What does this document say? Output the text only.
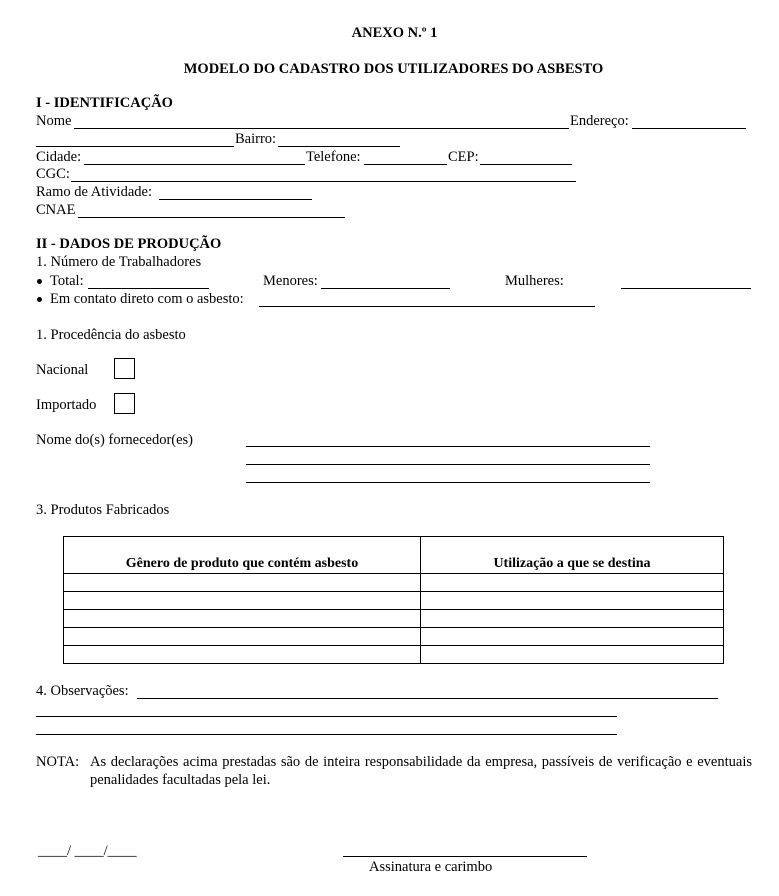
ANEXO N.º 1
MODELO DO CADASTRO DOS UTILIZADORES DO ASBESTO
I - IDENTIFICAÇÃO
Nome	Endereço:
Bairro:
Cidade:	Telefone:	CEP:
CGC:
Ramo de Atividade:
CNAE
II - DADOS DE PRODUÇÃO
1. Número de Trabalhadores
Total:	Menores:	Mulheres:
Em contato direto com o asbesto:
1. Procedência do asbesto
Nacional
Importado
Nome do(s) fornecedor(es)
3. Produtos Fabricados
Gênero de produto que contém asbesto	Utilização a que se destina

4. Observações:
NOTA: As declarações acima prestadas são de inteira responsabilidade da empresa, passíveis de verificação e eventuais penalidades facultadas pela lei.
____/ ____/____
Assinatura e carimbo
